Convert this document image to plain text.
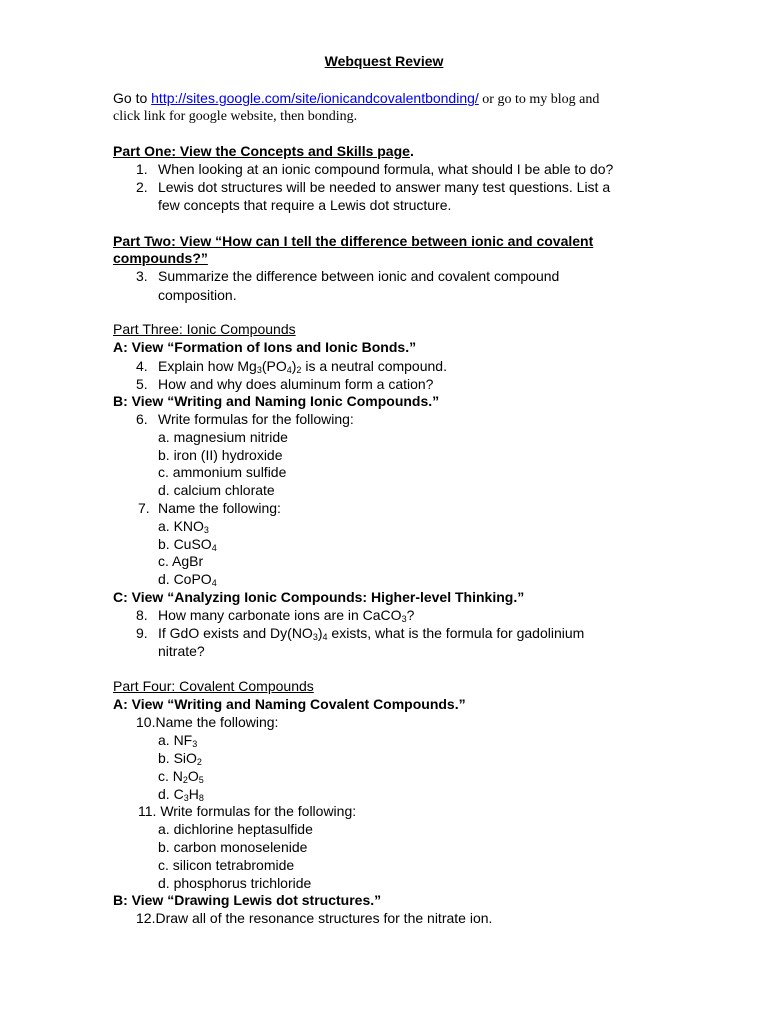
Webquest Review
Go to http://sites.google.com/site/ionicandcovalentbonding/ or go to my blog and
click link for google website, then bonding.
Part One: View the Concepts and Skills page.
1. When looking at an ionic compound formula, what should I be able to do?
2. Lewis dot structures will be needed to answer many test questions. List a
few concepts that require a Lewis dot structure.
Part Two: View “How can I tell the difference between ionic and covalent
compounds?”
3. Summarize the difference between ionic and covalent compound
composition.
Part Three: Ionic Compounds
A: View “Formation of Ions and Ionic Bonds.”
4. Explain how $Mg_3(PO_4)_2$ is a neutral compound.
5. How and why does aluminum form a cation?
B: View “Writing and Naming Ionic Compounds.”
6. Write formulas for the following:
a. magnesium nitride
b. iron (II) hydroxide
c. ammonium sulfide
d. calcium chlorate
7. Name the following:
a. $KNO_3$
b. CuSO$_4$
c. AgBr
d. CoPO$_4$
C: View “Analyzing Ionic Compounds: Higher-level Thinking.”
8. How many carbonate ions are in CaCO$_3$?
9. If GdO exists and $Dy(NO_3)_4$ exists, what is the formula for gadolinium
nitrate?
Part Four: Covalent Compounds
A: View “Writing and Naming Covalent Compounds.”
10.Name the following:
a. $NF_3$
b. SiO$_2$
c. $N_2O_5$
d. $C_3H_8$
11. Write formulas for the following:
a. dichlorine heptasulfide
b. carbon monoselenide
c. silicon tetrabromide
d. phosphorus trichloride
B: View “Drawing Lewis dot structures.”
12.Draw all of the resonance structures for the nitrate ion.
